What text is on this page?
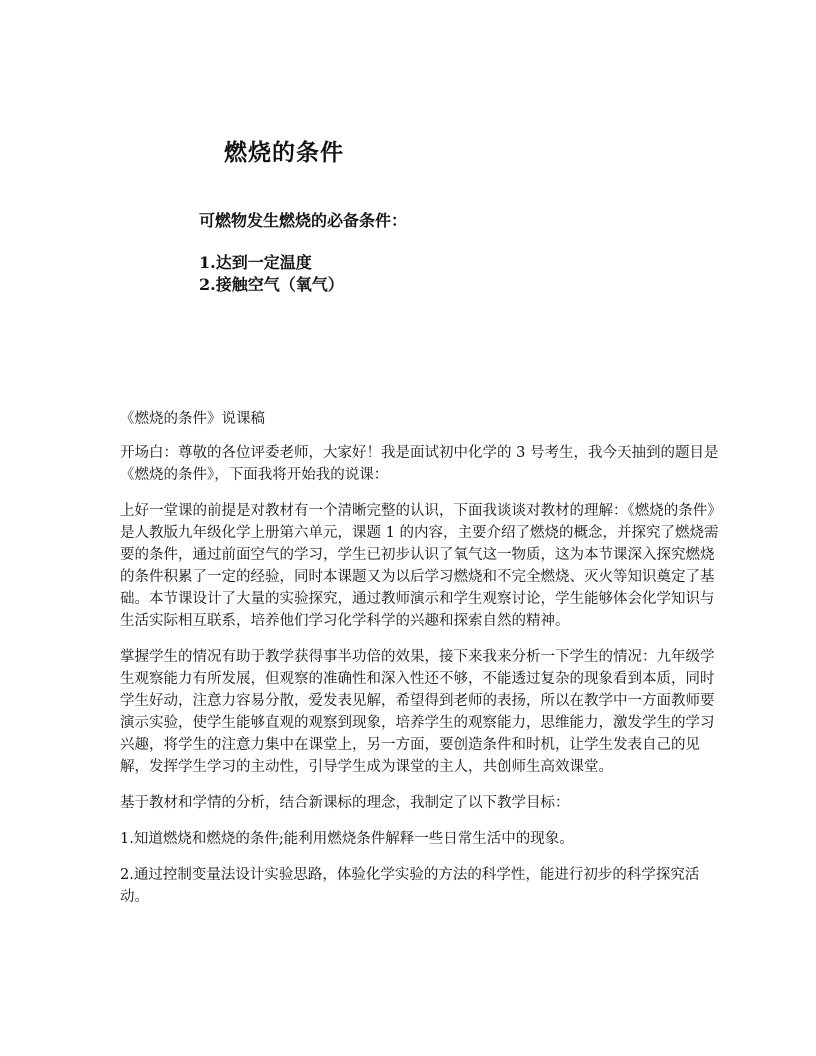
燃烧的条件
可燃物发生燃烧的必备条件：
1.达到一定温度
2.接触空气（氧气）

《燃烧的条件》说课稿

开场白：尊敬的各位评委老师，大家好！我是面试初中化学的 3 号考生，我今天抽到的题目是《燃烧的条件》，下面我将开始我的说课：

上好一堂课的前提是对教材有一个清晰完整的认识，下面我谈谈对教材的理解：《燃烧的条件》是人教版九年级化学上册第六单元，课题 1 的内容，主要介绍了燃烧的概念，并探究了燃烧需要的条件，通过前面空气的学习，学生已初步认识了氧气这一物质，这为本节课深入探究燃烧的条件积累了一定的经验，同时本课题又为以后学习燃烧和不完全燃烧、灭火等知识奠定了基础。本节课设计了大量的实验探究，通过教师演示和学生观察讨论，学生能够体会化学知识与生活实际相互联系，培养他们学习化学科学的兴趣和探索自然的精神。

掌握学生的情况有助于教学获得事半功倍的效果，接下来我来分析一下学生的情况：九年级学生观察能力有所发展，但观察的准确性和深入性还不够，不能透过复杂的现象看到本质，同时学生好动，注意力容易分散，爱发表见解，希望得到老师的表扬，所以在教学中一方面教师要演示实验，使学生能够直观的观察到现象，培养学生的观察能力，思维能力，激发学生的学习兴趣，将学生的注意力集中在课堂上，另一方面，要创造条件和时机，让学生发表自己的见解，发挥学生学习的主动性，引导学生成为课堂的主人，共创师生高效课堂。

基于教材和学情的分析，结合新课标的理念，我制定了以下教学目标：

1.知道燃烧和燃烧的条件;能利用燃烧条件解释一些日常生活中的现象。

2.通过控制变量法设计实验思路，体验化学实验的方法的科学性，能进行初步的科学探究活动。
